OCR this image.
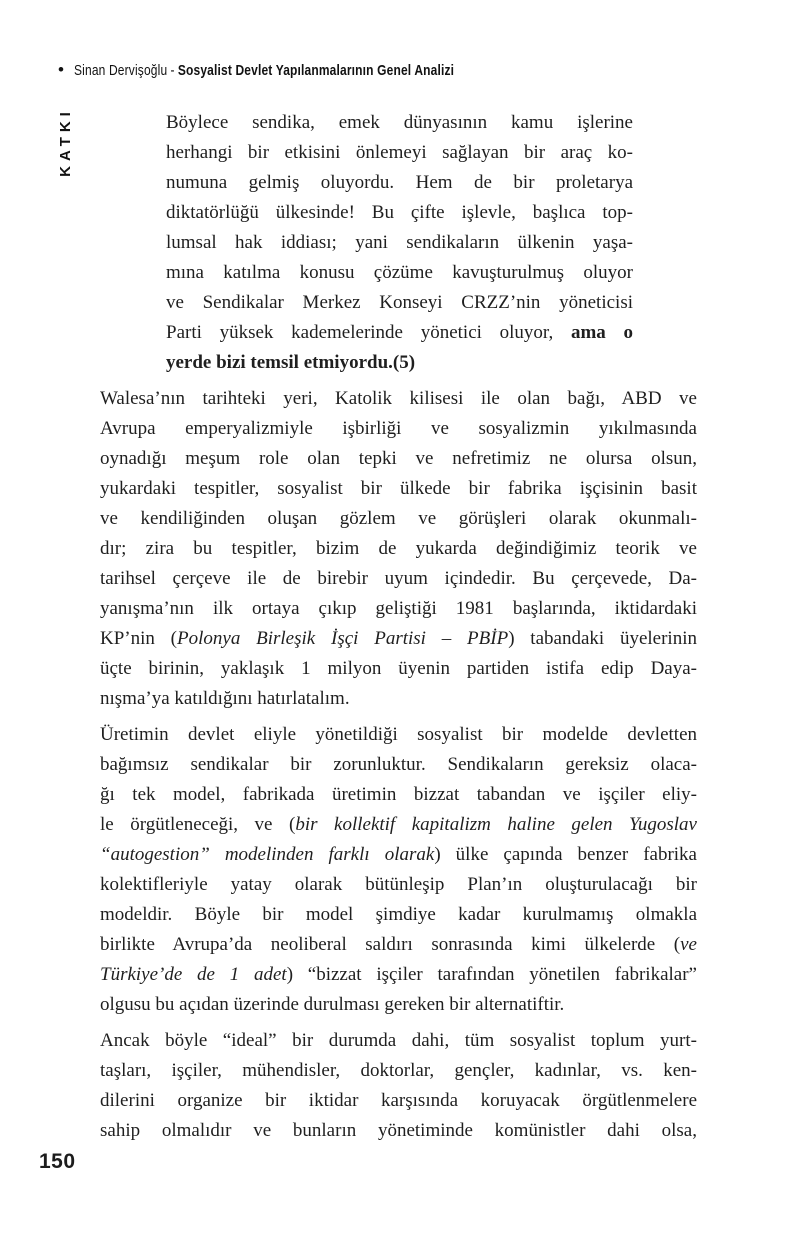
• Sinan Dervişoğlu - Sosyalist Devlet Yapılanmalarının Genel Analizi
KATKI	Böylece sendika, emek dünyasının kamu işlerine
herhangi bir etkisini önlemeyi sağlayan bir araç ko-
numuna gelmiş oluyordu. Hem de bir proletarya
diktatörlüğü ülkesinde! Bu çifte işlevle, başlıca top-
lumsal hak iddiası; yani sendikaların ülkenin yaşa-
mına katılma konusu çözüme kavuşturulmuş oluyor
ve Sendikalar Merkez Konseyi CRZZ’nin yöneticisi
Parti yüksek kademelerinde yönetici oluyor, ama o
yerde bizi temsil etmiyordu.(5)
Walesa’nın tarihteki yeri, Katolik kilisesi ile olan bağı, ABD ve
Avrupa emperyalizmiyle işbirliği ve sosyalizmin yıkılmasında
oynadığı meşum role olan tepki ve nefretimiz ne olursa olsun,
yukardaki tespitler, sosyalist bir ülkede bir fabrika işçisinin basit
ve kendiliğinden oluşan gözlem ve görüşleri olarak okunmalı-
dır; zira bu tespitler, bizim de yukarda değindiğimiz teorik ve
tarihsel çerçeve ile de birebir uyum içindedir. Bu çerçevede, Da-
yanışma’nın ilk ortaya çıkıp geliştiği 1981 başlarında, iktidardaki
KP’nin (Polonya Birleşik İşçi Partisi – PBİP) tabandaki üyelerinin
üçte birinin, yaklaşık 1 milyon üyenin partiden istifa edip Daya-
nışma’ya katıldığını hatırlatalım.
Üretimin devlet eliyle yönetildiği sosyalist bir modelde devletten
bağımsız sendikalar bir zorunluktur. Sendikaların gereksiz olaca-
ğı tek model, fabrikada üretimin bizzat tabandan ve işçiler eliy-
le örgütleneceği, ve (bir kollektif kapitalizm haline gelen Yugoslav
“autogestion” modelinden farklı olarak) ülke çapında benzer fabrika
kolektifleriyle yatay olarak bütünleşip Plan’ın oluşturulacağı bir
modeldir. Böyle bir model şimdiye kadar kurulmamış olmakla
birlikte Avrupa’da neoliberal saldırı sonrasında kimi ülkelerde (ve
Türkiye’de de 1 adet) “bizzat işçiler tarafından yönetilen fabrikalar”
olgusu bu açıdan üzerinde durulması gereken bir alternatiftir.
Ancak böyle “ideal” bir durumda dahi, tüm sosyalist toplum yurt-
taşları, işçiler, mühendisler, doktorlar, gençler, kadınlar, vs. ken-
dilerini organize bir iktidar karşısında koruyacak örgütlenmelere
sahip olmalıdır ve bunların yönetiminde komünistler dahi olsa,
150
